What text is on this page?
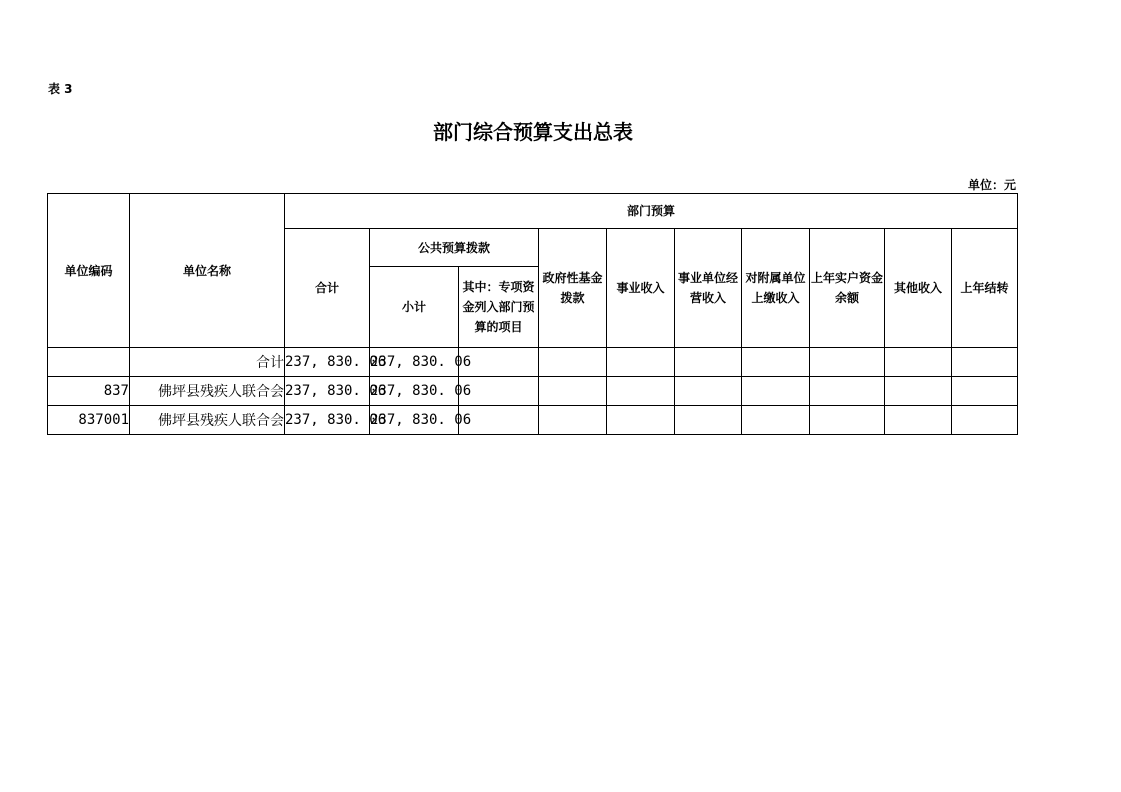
表 3
部门综合预算支出总表
单位：元
单位编码	单位名称	部门预算									
		合计	公共预算拨款		政府性基金拨款	事业收入	事业单位经营收入	对附属单位上缴收入	上年实户资金余额	其他收入	上年结转
			小计	其中：专项资金列入部门预算的项目							
	合计	237, 830. 06	237, 830. 06								
837	佛坪县残疾人联合会	237, 830. 06	237, 830. 06								
837001	佛坪县残疾人联合会	237, 830. 06	237, 830. 06								
